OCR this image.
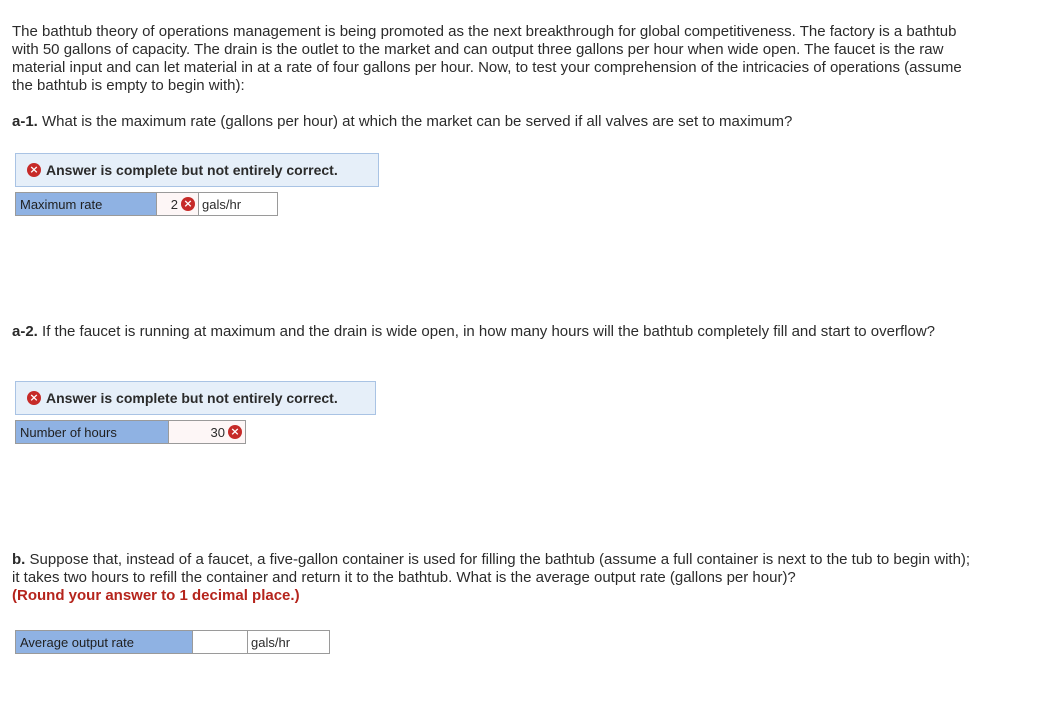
The bathtub theory of operations management is being promoted as the next breakthrough for global competitiveness. The factory is a bathtub with 50 gallons of capacity. The drain is the outlet to the market and can output three gallons per hour when wide open. The faucet is the raw material input and can let material in at a rate of four gallons per hour. Now, to test your comprehension of the intricacies of operations (assume the bathtub is empty to begin with):

a-1. What is the maximum rate (gallons per hour) at which the market can be served if all valves are set to maximum?

× Answer is complete but not entirely correct.
Maximum rate	2 × gals/hr

a-2. If the faucet is running at maximum and the drain is wide open, in how many hours will the bathtub completely fill and start to overflow?

× Answer is complete but not entirely correct.
Number of hours	30 ×

b. Suppose that, instead of a faucet, a five-gallon container is used for filling the bathtub (assume a full container is next to the tub to begin with); it takes two hours to refill the container and return it to the bathtub. What is the average output rate (gallons per hour)?
(Round your answer to 1 decimal place.)

Average output rate	gals/hr
